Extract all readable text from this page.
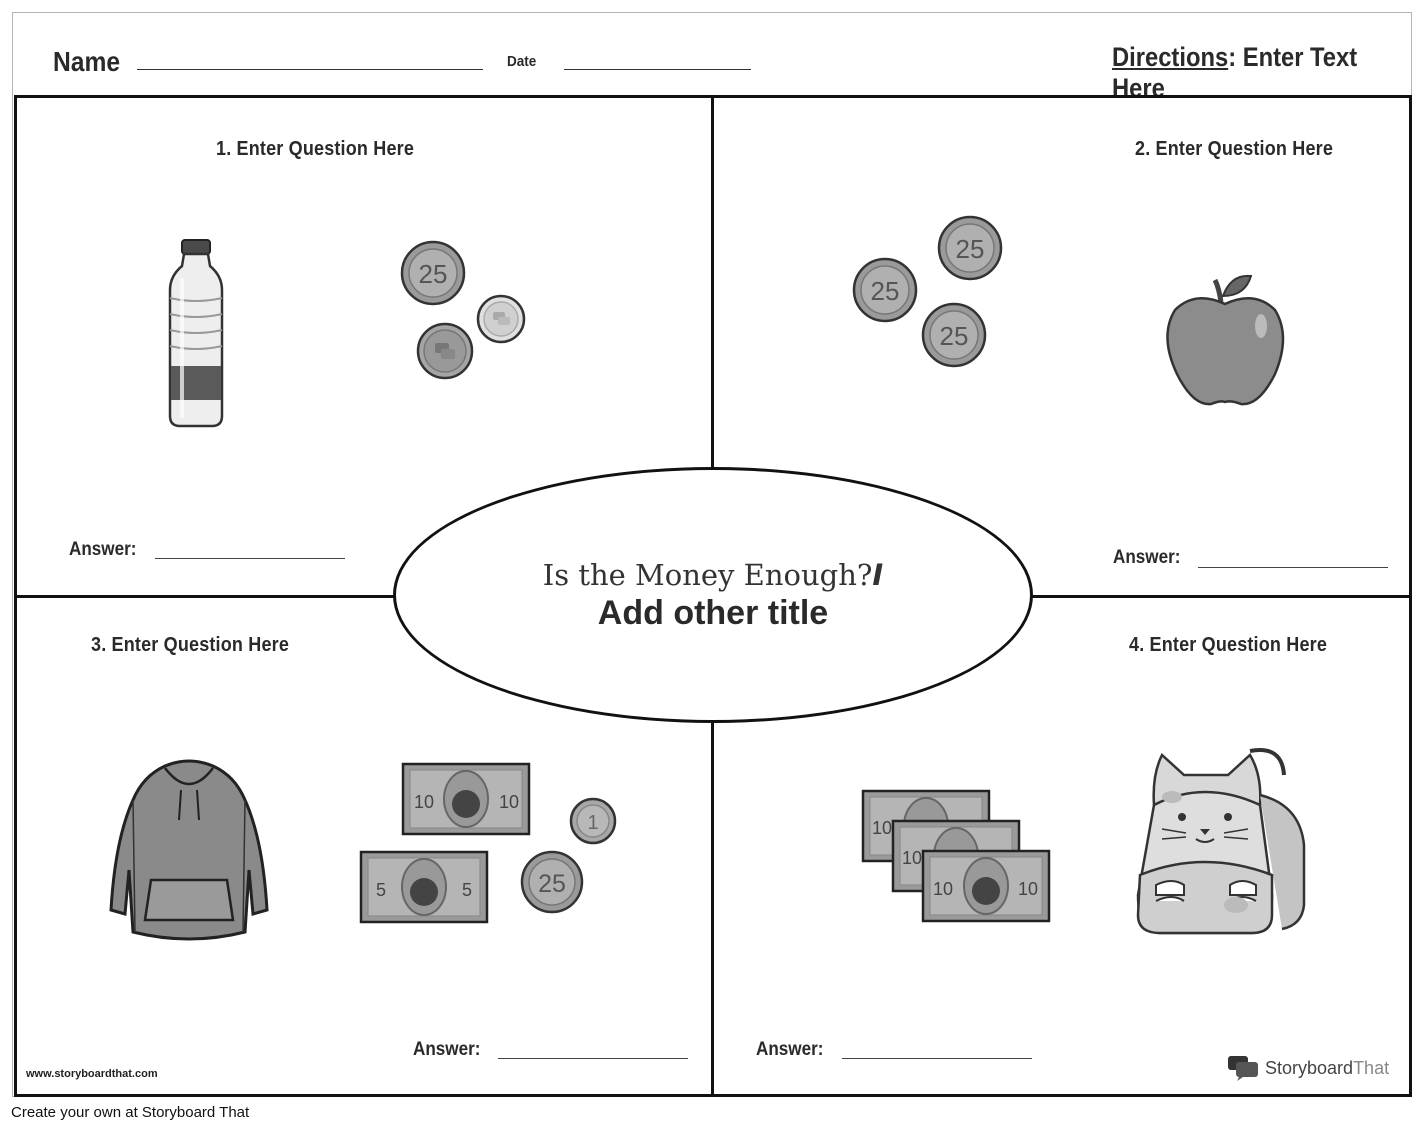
Name	Date	Directions: Enter Text Here
1. Enter Question Here	2. Enter Question Here
3. Enter Question Here	4. Enter Question Here
Answer:	Answer:
Answer:	Answer:
Is the Money Enough?I
Add other title
25
25
25
25
10	10
5	5
1
25
10
10
10	10
www.storyboardthat.com	StoryboardThat
Create your own at Storyboard That
